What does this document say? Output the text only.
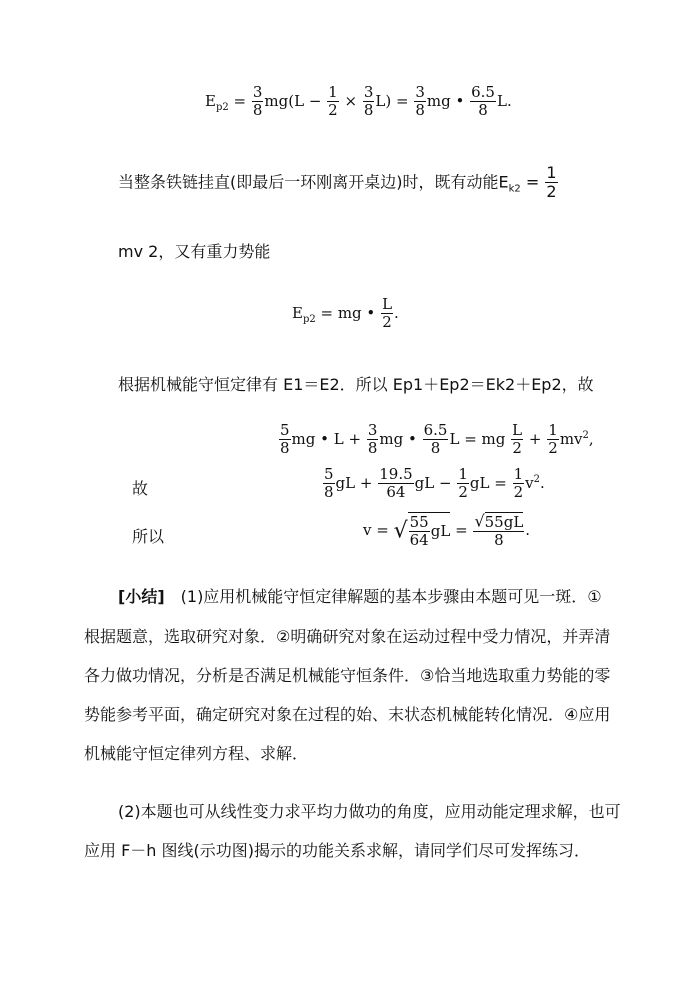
$E_{p2} = \frac{3}{8} mg(L - \frac{1}{2} \times \frac{3}{8} L) = \frac{3}{8}$ mg • $\frac{6.5}{8} L$.
当整条铁链挂直(即最后一环刚离开桌边)时，既有动能$E_{k2} = \frac{1}{2}$
mv 2，又有重力势能
$E_{p2}$ = mg • $\frac{L}{2}$ .
根据机械能守恒定律有 E1＝E2．所以 Ep1＋Ep2＝Ek2＋Ep2，故
$\frac{5}{8}$ mg • $L + \frac{3}{8}$ mg • $\frac{6.5}{8}$ L = mg $\frac{L}{2} + \frac{1}{2} mv^2$,
故	$\frac{5}{8}$ gL + $\frac{19.5}{64}$ gL − $\frac{1}{2}$ gL = $\frac{1}{2} v^2$.
所以	v = √ $\frac{55}{64}$ gL = $\frac{√55gL}{8}$ .
[小结]　(1)应用机械能守恒定律解题的基本步骤由本题可见一斑．①
根据题意，选取研究对象．②明确研究对象在运动过程中受力情况，并弄清
各力做功情况，分析是否满足机械能守恒条件．③恰当地选取重力势能的零
势能参考平面，确定研究对象在过程的始、末状态机械能转化情况．④应用
机械能守恒定律列方程、求解．
(2)本题也可从线性变力求平均力做功的角度，应用动能定理求解，也可
应用 F－h 图线(示功图)揭示的功能关系求解，请同学们尽可发挥练习．
